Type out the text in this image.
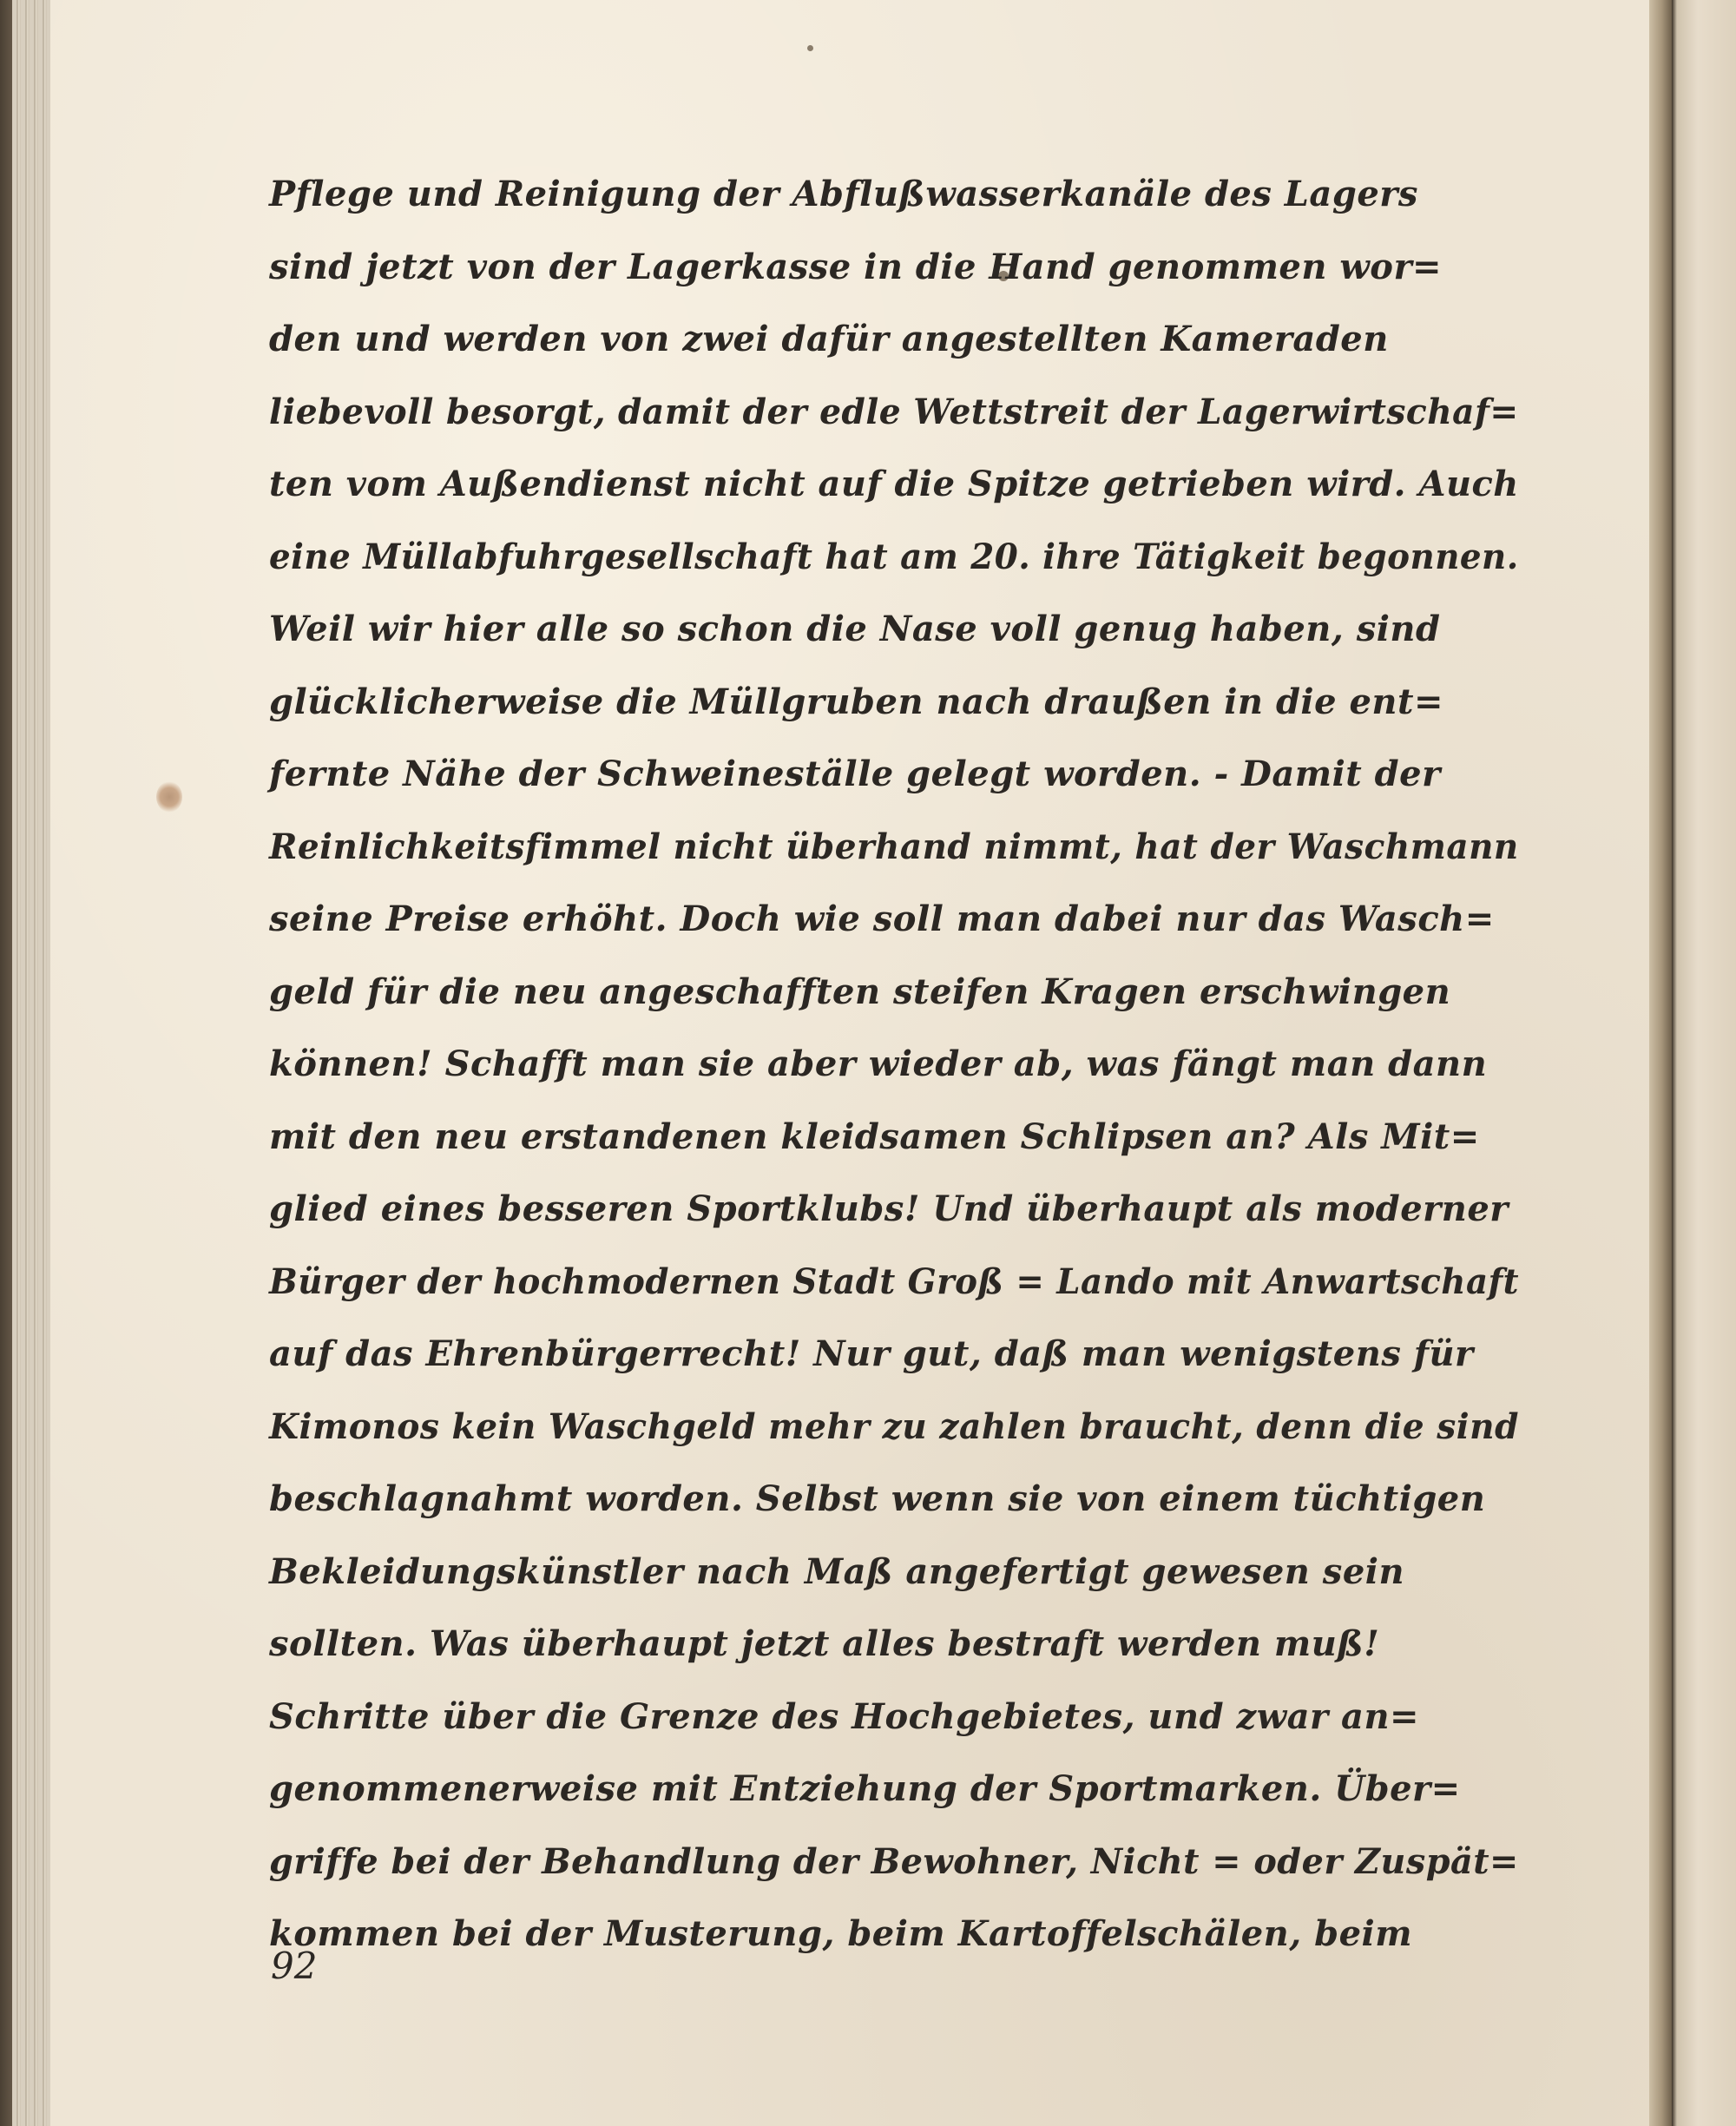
Pflege und Reinigung der Abflußwasserkanäle des Lagers
sind jetzt von der Lagerkasse in die Hand genommen wor=
den und werden von zwei dafür angestellten Kameraden
liebevoll besorgt, damit der edle Wettstreit der Lagerwirtschaf=
ten vom Außendienst nicht auf die Spitze getrieben wird. Auch
eine Müllabfuhrgesellschaft hat am 20. ihre Tätigkeit begonnen.
Weil wir hier alle so schon die Nase voll genug haben, sind
glücklicherweise die Müllgruben nach draußen in die ent=
fernte Nähe der Schweineställe gelegt worden. - Damit der
Reinlichkeitsfimmel nicht überhand nimmt, hat der Waschmann
seine Preise erhöht. Doch wie soll man dabei nur das Wasch=
geld für die neu angeschafften steifen Kragen erschwingen
können! Schafft man sie aber wieder ab, was fängt man dann
mit den neu erstandenen kleidsamen Schlipsen an? Als Mit=
glied eines besseren Sportklubs! Und überhaupt als moderner
Bürger der hochmodernen Stadt Groß = Lando mit Anwartschaft
auf das Ehrenbürgerrecht! Nur gut, daß man wenigstens für
Kimonos kein Waschgeld mehr zu zahlen braucht, denn die sind
beschlagnahmt worden. Selbst wenn sie von einem tüchtigen
Bekleidungskünstler nach Maß angefertigt gewesen sein
sollten. Was überhaupt jetzt alles bestraft werden muß!
Schritte über die Grenze des Hochgebietes, und zwar an=
genommenerweise mit Entziehung der Sportmarken. Über=
griffe bei der Behandlung der Bewohner, Nicht = oder Zuspät=
kommen bei der Musterung, beim Kartoffelschälen, beim
92
